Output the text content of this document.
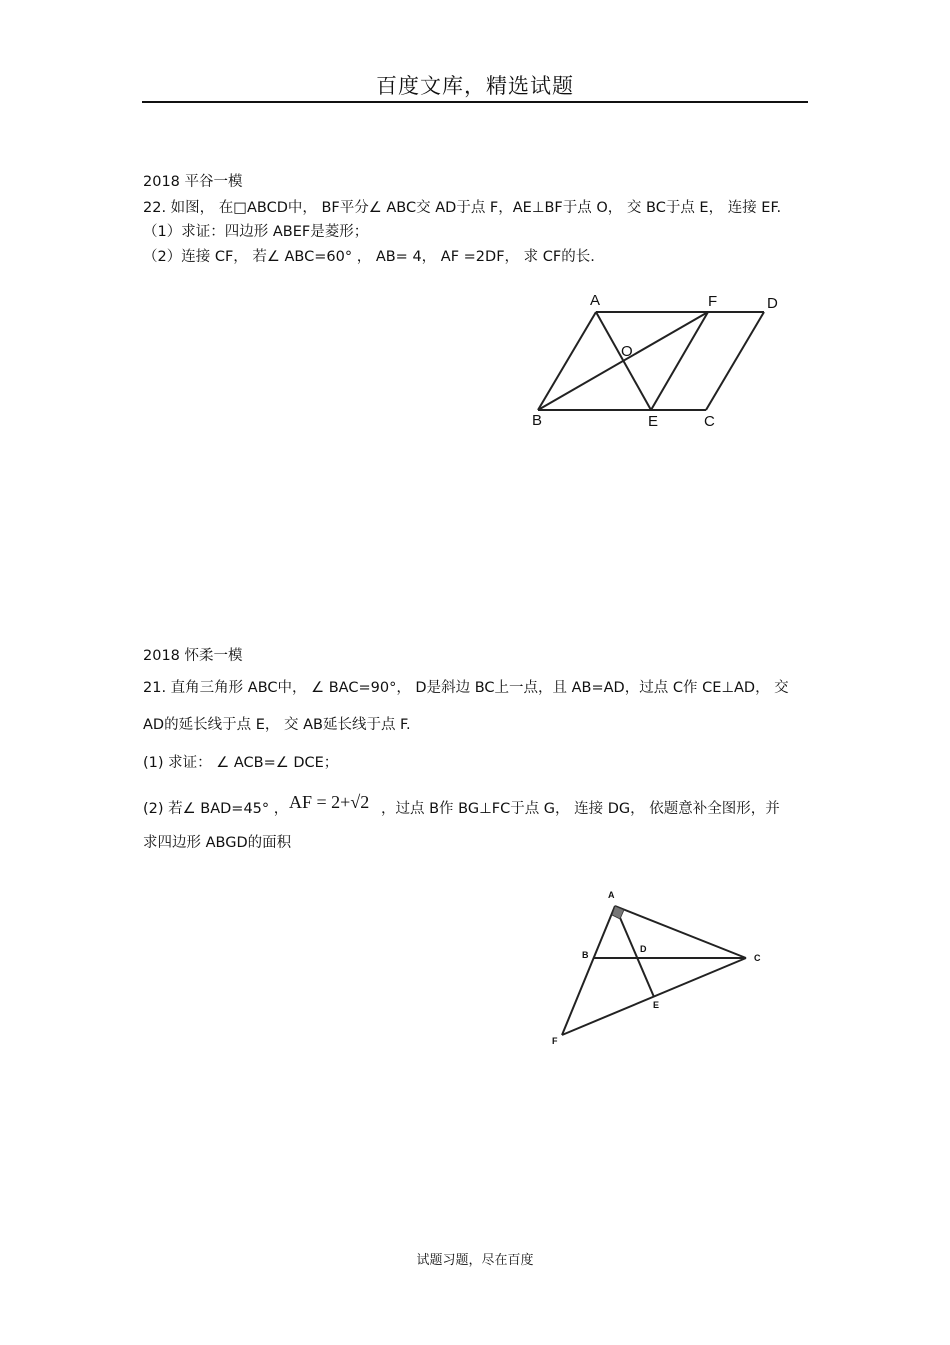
百度文库，精选试题
2018 平谷一模
22. 如图， 在□ABCD中， BF平分∠ ABC交 AD于点 F，AE⊥BF于点 O， 交 BC于点 E， 连接 EF.
（1）求证：四边形 ABEF是菱形；
（2）连接 CF， 若∠ ABC=60° ， AB= 4， AF =2DF， 求 CF的长.
A	F	D
O
B	E	C
2018 怀柔一模
21. 直角三角形 ABC中， ∠ BAC=90°， D是斜边 BC上一点，且 AB=AD，过点 C作 CE⊥AD， 交
AD的延长线于点 E， 交 AB延长线于点 F.
(1) 求证： ∠ ACB=∠ DCE；
(2) 若∠ BAD=45° ， AF = 2+√2 ，过点 B作 BG⊥FC于点 G， 连接 DG， 依题意补全图形，并
求四边形 ABGD的面积
A
B
D
C
E
F
试题习题，尽在百度
